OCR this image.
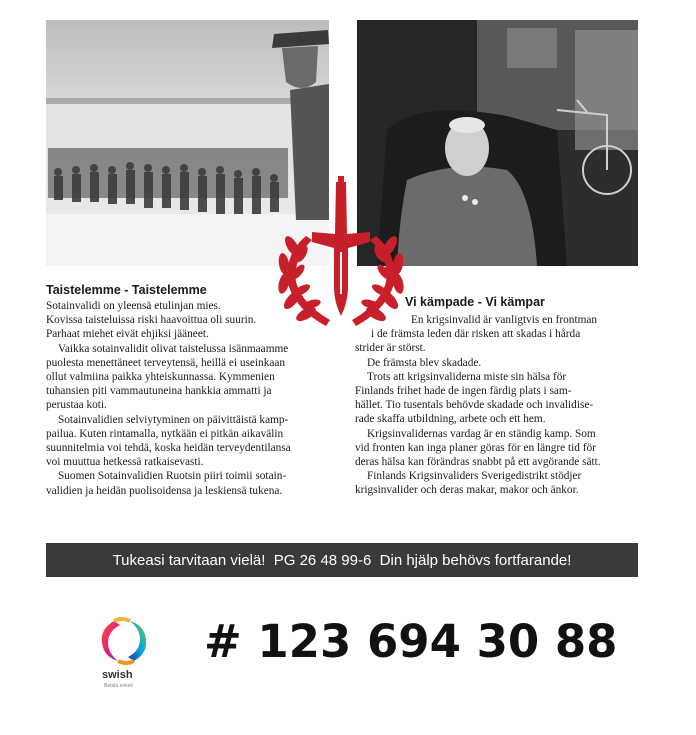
Taistelemme - Taistelemme

Sotainvalidi on yleensä etulinjan mies.

Kovissa taisteluissa riski haavoittua oli suurin.

Parhaat miehet eivät ehjiksi jääneet.

Vaikka sotainvalidit olivat taistelussa isänmaamme

puolesta menettäneet terveytensä, heillä ei useinkaan

ollut valmiina paikka yhteiskunnassa. Kymmenien

tuhansien piti vammautuneina hankkia ammatti ja

perustaa koti.

Sotainvalidien selviytyminen on päivittäistä kamp-

pailua. Kuten rintamalla, nytkään ei pitkän aikavälin

suunnitelmia voi tehdä, koska heidän terveydentilansa

voi muuttua hetkessä ratkaisevasti.

Suomen Sotainvalidien Ruotsin piiri toimii sotain-

validien ja heidän puolisoidensa ja leskiensä tukena.

Vi kämpade - Vi kämpar

En krigsinvalid är vanligtvis en frontman

i de främsta leden där risken att skadas i hårda

strider är störst.

De främsta blev skadade.

Trots att krigsinvaliderna miste sin hälsa för

Finlands frihet hade de ingen färdig plats i sam-

hället. Tio tusentals behövde skadade och invalidise-

rade skaffa utbildning, arbete och ett hem.

Krigsinvalidernas vardag är en ständig kamp. Som

vid fronten kan inga planer göras för en längre tid för

deras hälsa kan förändras snabbt på ett avgörande sätt.

Finlands Krigsinvaliders Sverigedistrikt stödjer

krigsinvalider och deras makar, makor och änkor.

Tukeasi tarvitaan vielä!  PG 26 48 99-6  Din hjälp behövs fortfarande!
swish
Betala enkelt
# 123 694 30 88
